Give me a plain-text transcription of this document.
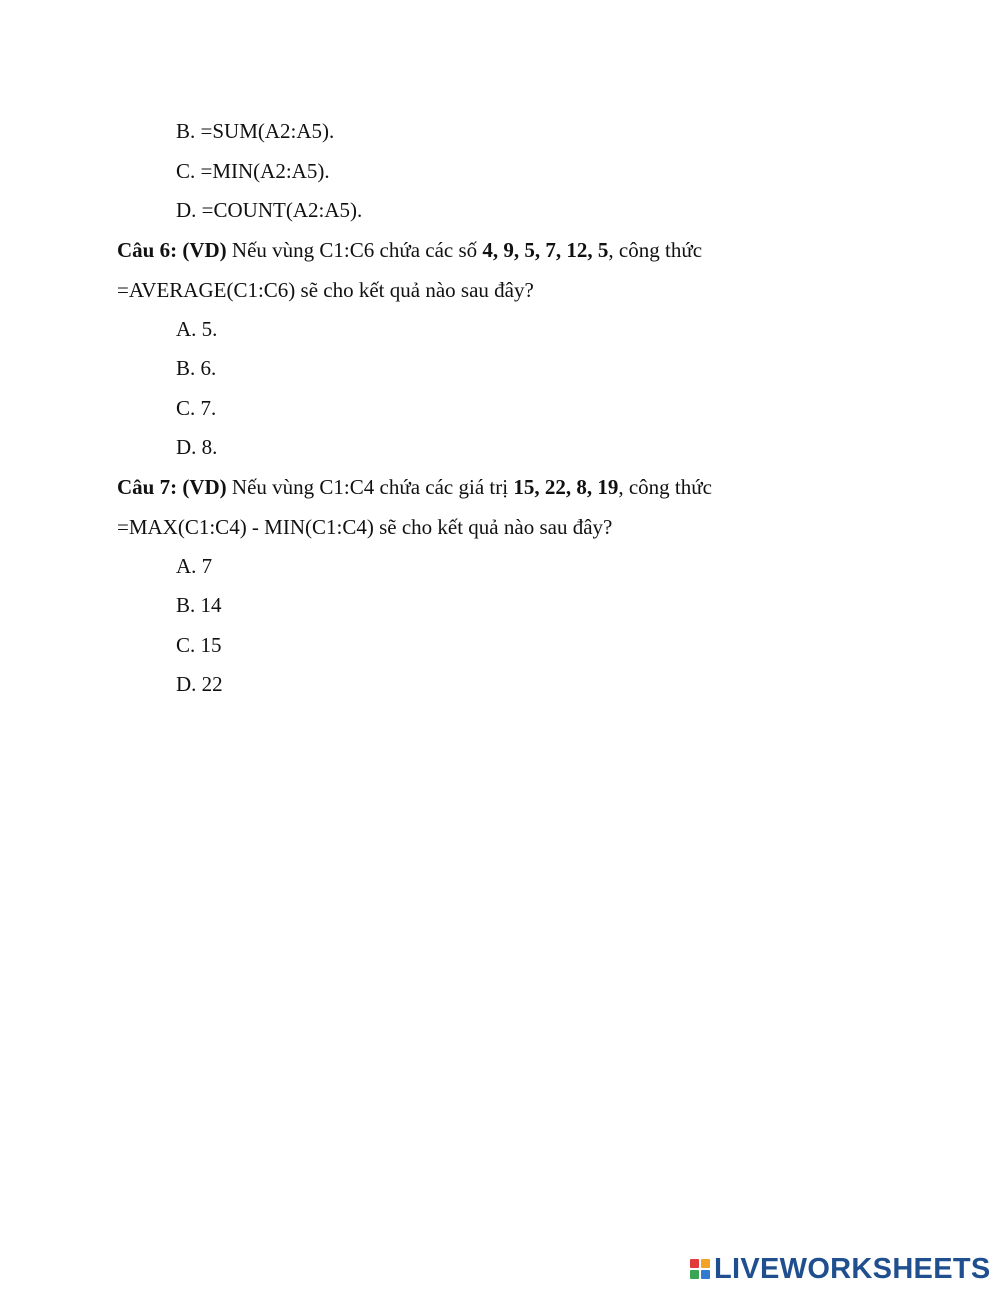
B. =SUM(A2:A5).
C. =MIN(A2:A5).
D. =COUNT(A2:A5).
Câu 6: (VD) Nếu vùng C1:C6 chứa các số 4, 9, 5, 7, 12, 5, công thức
=AVERAGE(C1:C6) sẽ cho kết quả nào sau đây?
A. 5.
B. 6.
C. 7.
D. 8.
Câu 7: (VD) Nếu vùng C1:C4 chứa các giá trị 15, 22, 8, 19, công thức
=MAX(C1:C4) - MIN(C1:C4) sẽ cho kết quả nào sau đây?
A. 7
B. 14
C. 15
D. 22
LIVEWORKSHEETS
